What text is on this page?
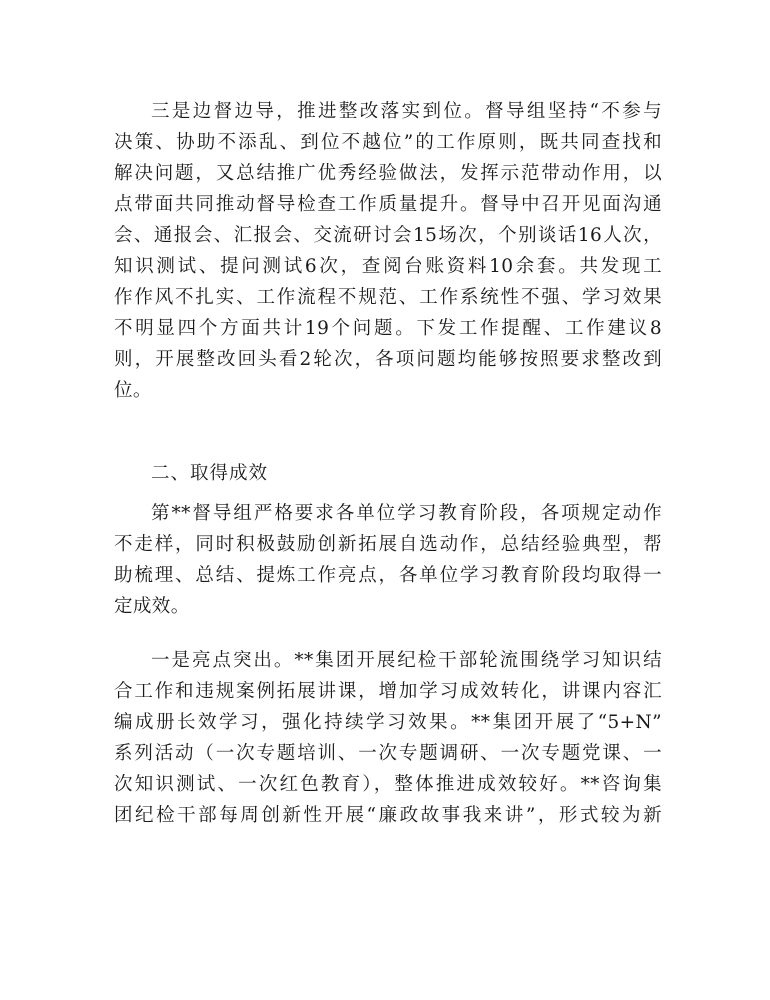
三是边督边导，推进整改落实到位。督导组坚持“不参与
决策、协助不添乱、到位不越位”的工作原则，既共同查找和
解决问题，又总结推广优秀经验做法，发挥示范带动作用，以
点带面共同推动督导检查工作质量提升。督导中召开见面沟通
会、通报会、汇报会、交流研讨会15场次，个别谈话16人次，
知识测试、提问测试6次，查阅台账资料10余套。共发现工
作作风不扎实、工作流程不规范、工作系统性不强、学习效果
不明显四个方面共计19个问题。下发工作提醒、工作建议8
则，开展整改回头看2轮次，各项问题均能够按照要求整改到
位。
二、取得成效
第**督导组严格要求各单位学习教育阶段，各项规定动作
不走样，同时积极鼓励创新拓展自选动作，总结经验典型，帮
助梳理、总结、提炼工作亮点，各单位学习教育阶段均取得一
定成效。
一是亮点突出。**集团开展纪检干部轮流围绕学习知识结
合工作和违规案例拓展讲课，增加学习成效转化，讲课内容汇
编成册长效学习，强化持续学习效果。**集团开展了“5+N”
系列活动（一次专题培训、一次专题调研、一次专题党课、一
次知识测试、一次红色教育），整体推进成效较好。**咨询集
团纪检干部每周创新性开展“廉政故事我来讲”，形式较为新
